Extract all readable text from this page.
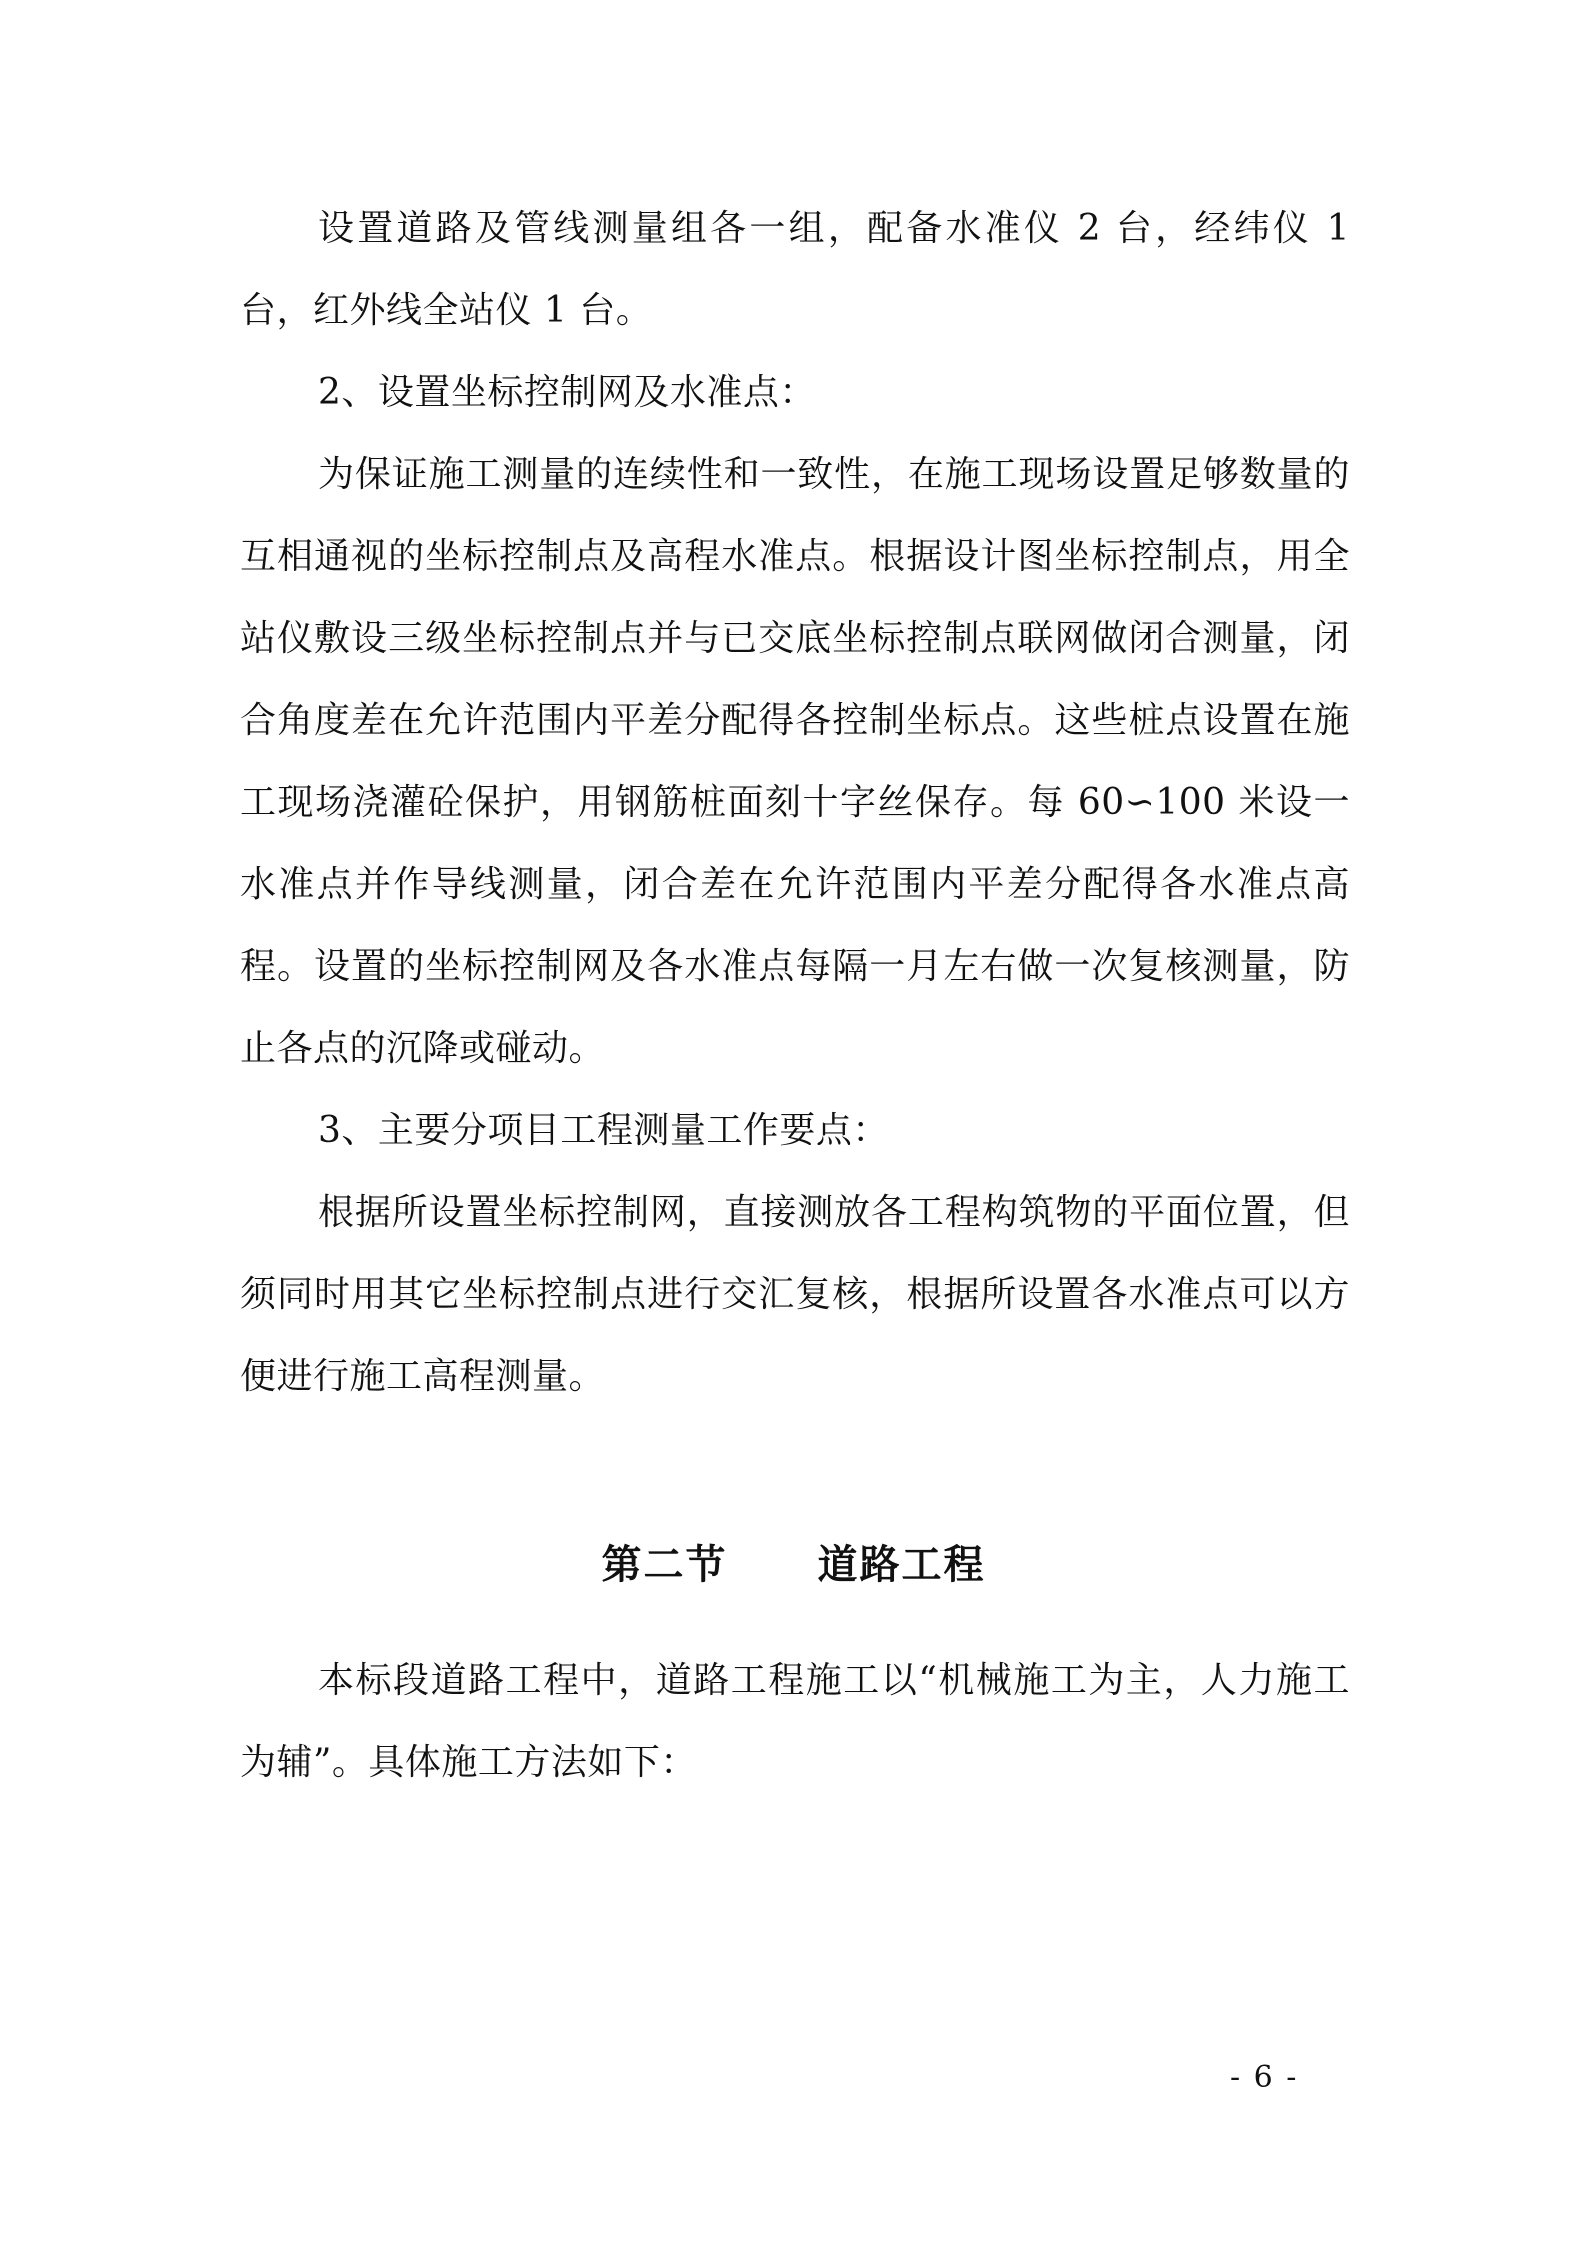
设置道路及管线测量组各一组，配备水准仪 2 台，经纬仪 1 台，红外线全站仪 1 台。

2、设置坐标控制网及水准点：

为保证施工测量的连续性和一致性，在施工现场设置足够数量的互相通视的坐标控制点及高程水准点。根据设计图坐标控制点，用全站仪敷设三级坐标控制点并与已交底坐标控制点联网做闭合测量，闭合角度差在允许范围内平差分配得各控制坐标点。这些桩点设置在施工现场浇灌砼保护，用钢筋桩面刻十字丝保存。每 60∽100 米设一水准点并作导线测量，闭合差在允许范围内平差分配得各水准点高程。设置的坐标控制网及各水准点每隔一月左右做一次复核测量，防止各点的沉降或碰动。

3、主要分项目工程测量工作要点：

根据所设置坐标控制网，直接测放各工程构筑物的平面位置，但须同时用其它坐标控制点进行交汇复核，根据所设置各水准点可以方便进行施工高程测量。

第二节 道路工程

本标段道路工程中，道路工程施工以“机械施工为主，人力施工为辅”。具体施工方法如下：

- 6 -
